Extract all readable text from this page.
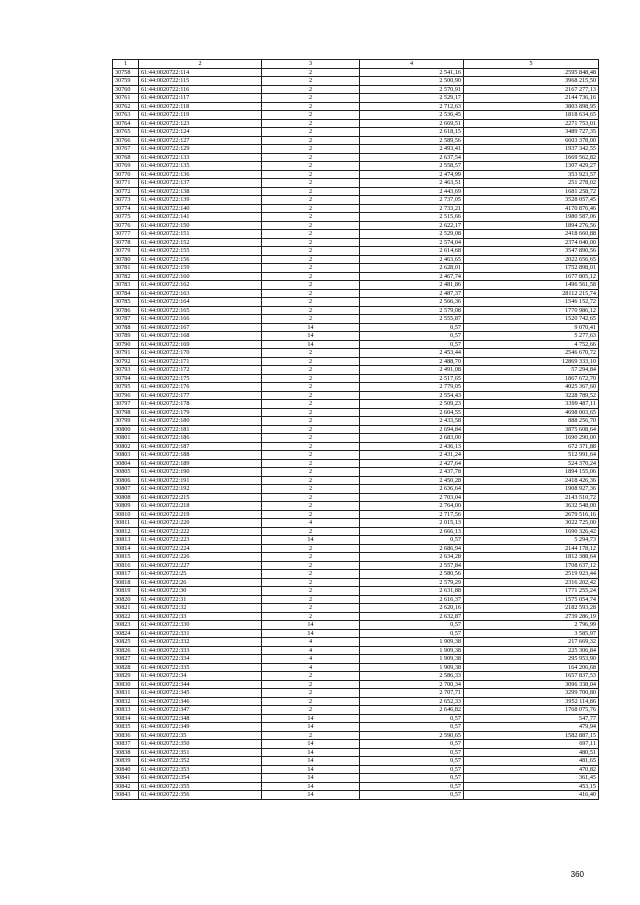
1	2	3	4	5
30758	61:44:0020722:114	2	2 541,16	2595 848,48
30759	61:44:0020722:115	2	2 500,90	3968 215,50
30760	61:44:0020722:116	2	2 570,91	2167 277,13
30761	61:44:0020722:117	2	2 529,17	2144 736,16
30762	61:44:0020722:118	2	2 712,63	3803 898,95
30763	61:44:0020722:119	2	2 536,45	1818 634,65
30764	61:44:0020722:123	2	2 669,51	2271 753,01
30765	61:44:0020722:124	2	2 618,15	3489 727,35
30766	61:44:0020722:127	2	2 589,56	6603 378,00
30767	61:44:0020722:129	2	2 493,41	1937 342,55
30768	61:44:0020722:133	2	2 637,54	1669 562,82
30769	61:44:0020722:135	2	2 558,57	1307 429,27
30770	61:44:0020722:136	2	2 474,99	353 923,57
30771	61:44:0020722:137	2	2 463,51	251 278,02
30772	61:44:0020722:138	2	2 443,69	1681 258,72
30773	61:44:0020722:139	2	2 737,05	3528 057,45
30774	61:44:0020722:140	2	2 733,21	4170 876,46
30775	61:44:0020722:141	2	2 515,66	1980 587,06
30776	61:44:0020722:150	2	2 622,17	1894 276,56
30777	61:44:0020722:151	2	2 529,08	2418 660,88
30778	61:44:0020722:152	2	2 574,04	2374 040,00
30779	61:44:0020722:155	2	2 614,68	3547 890,56
30780	61:44:0020722:156	2	2 463,65	2022 656,65
30781	61:44:0020722:159	2	2 628,01	1752 898,01
30782	61:44:0020722:160	2	2 467,74	1677 805,12
30783	61:44:0020722:162	2	2 481,86	1496 561,58
30784	61:44:0020722:163	2	2 487,37	28112 215,74
30785	61:44:0020722:164	2	2 566,36	1546 152,72
30786	61:44:0020722:165	2	2 579,08	1770 986,12
30787	61:44:0020722:166	2	2 555,87	1520 742,65
30788	61:44:0020722:167	14	0,57	9 070,41
30789	61:44:0020722:168	14	0,57	5 277,63
30790	61:44:0020722:169	14	0,57	4 752,66
30791	61:44:0020722:170	2	2 453,44	2546 670,72
30792	61:44:0020722:171	2	2 488,70	12869 333,10
30793	61:44:0020722:172	2	2 491,08	57 294,84
30794	61:44:0020722:175	2	2 517,65	1867 672,70
30795	61:44:0020722:176	2	2 779,05	4025 367,60
30796	61:44:0020722:177	2	2 554,43	3228 789,52
30797	61:44:0020722:178	2	2 509,23	3399 487,11
30798	61:44:0020722:179	2	2 604,55	4698 003,65
30799	61:44:0020722:180	2	2 433,58	888 256,70
30800	61:44:0020722:181	2	2 694,84	3875 608,64
30801	61:44:0020722:186	2	2 683,00	1690 290,00
30802	61:44:0020722:187	2	2 436,13	672 371,88
30803	61:44:0020722:188	2	2 431,24	512 991,64
30804	61:44:0020722:189	2	2 427,64	524 370,24
30805	61:44:0020722:190	2	2 437,78	1894 155,06
30806	61:44:0020722:191	2	2 450,28	2418 426,36
30807	61:44:0020722:192	2	2 636,64	1908 927,36
30808	61:44:0020722:215	2	2 703,04	2143 510,72
30809	61:44:0020722:218	2	2 764,00	3632 548,00
30810	61:44:0020722:219	2	2 717,56	2679 516,16
30811	61:44:0020722:220	4	2 015,13	3022 725,00
30812	61:44:0020722:222	2	2 666,13	1690 326,42
30813	61:44:0020722:223	14	0,57	5 294,73
30814	61:44:0020722:224	2	2 686,94	2144 178,12
30815	61:44:0020722:226	2	2 634,28	1812 388,64
30816	61:44:0020722:227	2	2 557,84	1708 637,12
30817	61:44:0020722:25	2	2 580,56	2519 923,44
30818	61:44:0020722:26	2	2 579,29	2316 202,42
30819	61:44:0020722:30	2	2 631,88	1771 255,24
30820	61:44:0020722:31	2	2 616,37	1575 054,74
30821	61:44:0020722:32	2	2 620,16	2182 593,28
30822	61:44:0020722:33	2	2 632,87	2739 286,19
30823	61:44:0020722:330	14	0,57	2 796,99
30824	61:44:0020722:331	14	0,57	3 585,97
30825	61:44:0020722:332	4	1 909,38	217 669,32
30826	61:44:0020722:333	4	1 909,38	225 306,84
30827	61:44:0020722:334	4	1 909,38	295 953,90
30828	61:44:0020722:335	4	1 909,38	164 206,68
30829	61:44:0020722:34	2	2 586,33	1657 837,53
30830	61:44:0020722:344	2	2 700,34	3096 338,04
30831	61:44:0020722:345	2	2 707,71	3299 700,80
30832	61:44:0020722:346	2	2 652,33	3952 114,86
30833	61:44:0020722:347	2	2 646,82	1768 075,76
30834	61:44:0020722:348	14	0,57	547,77
30835	61:44:0020722:349	14	0,57	479,94
30836	61:44:0020722:35	2	2 590,65	1582 887,15
30837	61:44:0020722:350	14	0,57	697,11
30838	61:44:0020722:351	14	0,57	480,51
30839	61:44:0020722:352	14	0,57	481,65
30840	61:44:0020722:353	14	0,57	470,82
30841	61:44:0020722:354	14	0,57	361,45
30842	61:44:0020722:355	14	0,57	453,15
30843	61:44:0020722:356	14	0,57	416,40
360
